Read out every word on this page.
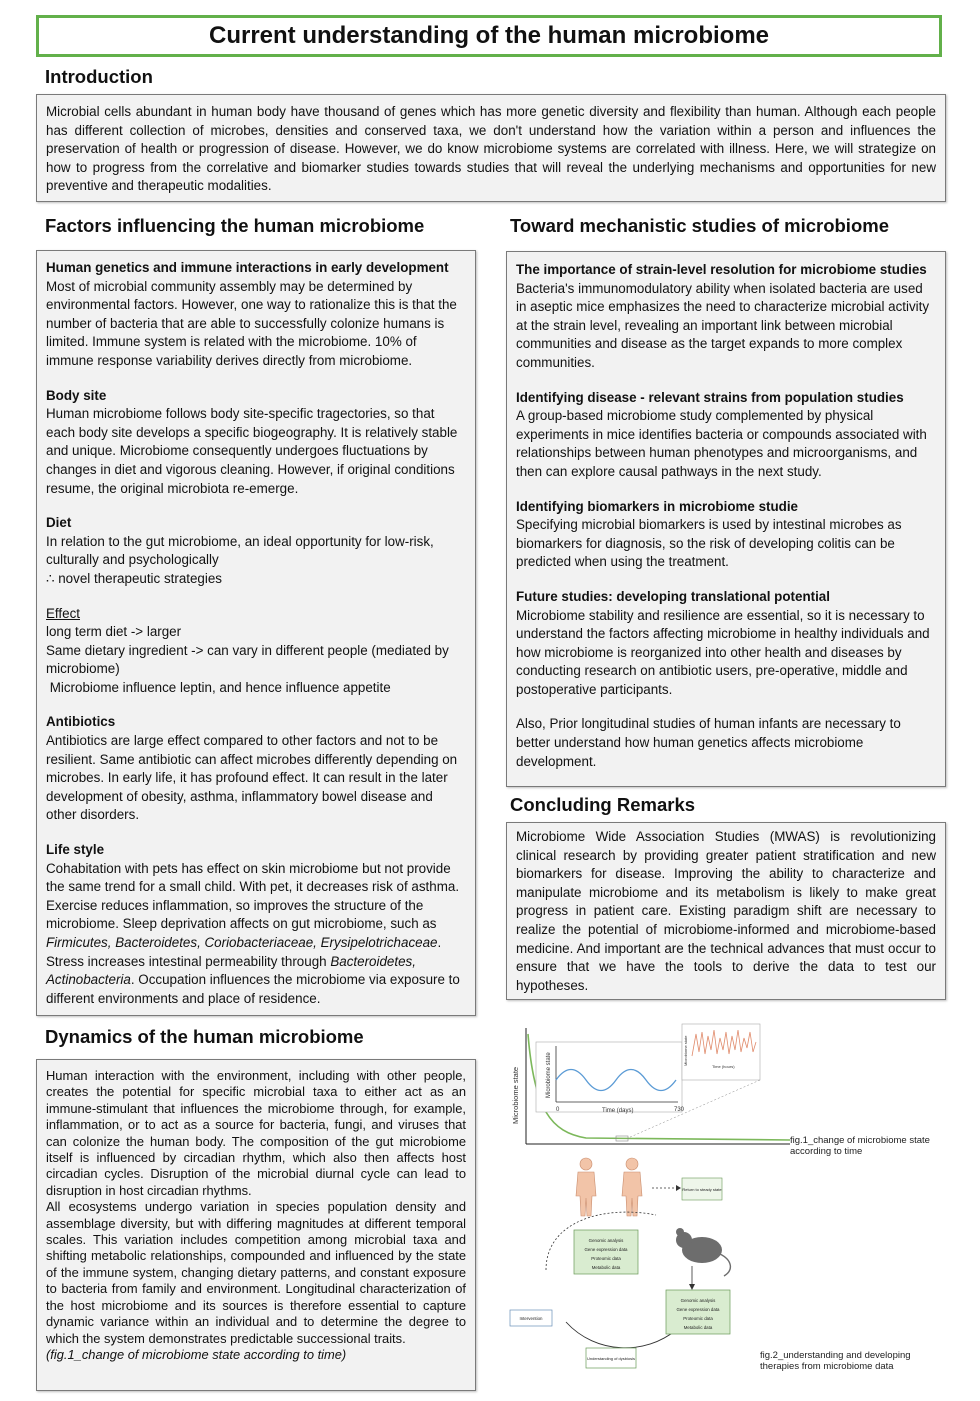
Current understanding of the human microbiome
Introduction

Microbial cells abundant in human body have thousand of genes which has more genetic diversity and flexibility than human. Although each people has different collection of microbes, densities and conserved taxa, we don't understand how the variation within a person and influences the preservation of health or progression of disease. However, we do know microbiome systems are correlated with illness. Here, we will strategize on how to progress from the correlative and biomarker studies towards studies that will reveal the underlying mechanisms and opportunities for new preventive and therapeutic modalities.

Factors influencing the human microbiome

Human genetics and immune interactions in early development

Most of microbial community assembly may be determined by environmental factors. However, one way to rationalize this is that the number of bacteria that are able to successfully colonize humans is limited. Immune system is related with the microbiome. 10% of immune response variability derives directly from microbiome.

Body site

Human microbiome follows body site-specific tragectories, so that each body site develops a specific biogeography. It is relatively stable and unique. Microbiome consequently undergoes fluctuations by changes in diet and vigorous cleaning. However, if original conditions resume, the original microbiota re-emerge.

Diet

In relation to the gut microbiome, an ideal opportunity for low-risk, culturally and psychologically

∴ novel therapeutic strategies

Effect

long term diet -> larger

Same dietary ingredient -> can vary in different people (mediated by microbiome)

Microbiome influence leptin, and hence influence appetite

Antibiotics

Antibiotics are large effect compared to other factors and not to be resilient. Same antibiotic can affect microbes differently depending on microbes. In early life, it has profound effect. It can result in the later development of obesity, asthma, inflammatory bowel disease and other disorders.

Life style

Cohabitation with pets has effect on skin microbiome but not provide the same trend for a small child. With pet, it decreases risk of asthma. Exercise reduces inflammation, so improves the structure of the microbiome. Sleep deprivation affects on gut microbiome, such as Firmicutes, Bacteroidetes, Coriobacteriaceae, Erysipelotrichaceae. Stress increases intestinal permeability through Bacteroidetes, Actinobacteria. Occupation influences the microbiome via exposure to different environments and place of residence.

Toward mechanistic studies of microbiome

The importance of strain-level resolution for microbiome studies

Bacteria's immunomodulatory ability when isolated bacteria are used in aseptic mice emphasizes the need to characterize microbial activity at the strain level, revealing an important link between microbial communities and disease as the target expands to more complex communities.

Identifying disease - relevant strains from population studies

A group-based microbiome study complemented by physical experiments in mice identifies bacteria or compounds associated with relationships between human phenotypes and microorganisms, and then can explore causal pathways in the next study.

Identifying biomarkers in microbiome studie

Specifying microbial biomarkers is used by intestinal microbes as biomarkers for diagnosis, so the risk of developing colitis can be predicted when using the treatment.

Future studies: developing translational potential

Microbiome stability and resilience are essential, so it is necessary to understand the factors affecting microbiome in healthy individuals and how microbiome is reorganized into other health and diseases by conducting research on antibiotic users, pre-operative, middle and postoperative participants.

Also, Prior longitudinal studies of human infants are necessary to better understand how human genetics affects microbiome development.

Concluding Remarks

Microbiome Wide Association Studies (MWAS) is revolutionizing clinical research by providing greater patient stratification and new biomarkers for disease. Improving the ability to characterize and manipulate microbiome and its metabolism is likely to make great progress in patient care. Existing paradigm shift are necessary to realize the potential of microbiome-informed and microbiome-based medicine. And important are the technical advances that must occur to ensure that we have the tools to derive the data to test our hypotheses.

Dynamics of the human microbiome

Human interaction with the environment, including with other people, creates the potential for specific microbial taxa to either act as an immune-stimulant that influences the microbiome through, for example, inflammation, or to act as a source for bacteria, fungi, and viruses that can colonize the human body. The composition of the gut microbiome itself is influenced by circadian rhythm, which also then affects host circadian cycles. Disruption of the microbial diurnal cycle can lead to disruption in host circadian rhythms.

All ecosystems undergo variation in species population density and assemblage diversity, but with differing magnitudes at different temporal scales. This variation includes competition among microbial taxa and shifting metabolic relationships, compounded and influenced by the state of the immune system, changing dietary patterns, and constant exposure to bacteria from family and environment. Longitudinal characterization of the host microbiome and its sources is therefore essential to capture dynamic variance within an individual and to determine the degree to which the system demonstrates predictable successional traits.

(fig.1_change of microbiome state according to time)

Microbiome state	Microbiome state
0	Time (days)	730
Microbiome state
Time (hours)
fig.1_change of microbiome state according to time
Return to steady state
Genomic analysis
Gene expression data
Proteomic data
Metabolic data
Genomic analysis
Gene expression data
Proteomic data
Metabolic data
Intervention
Understanding of dysbiosis	fig.2_understanding and developing therapies from microbiome data
